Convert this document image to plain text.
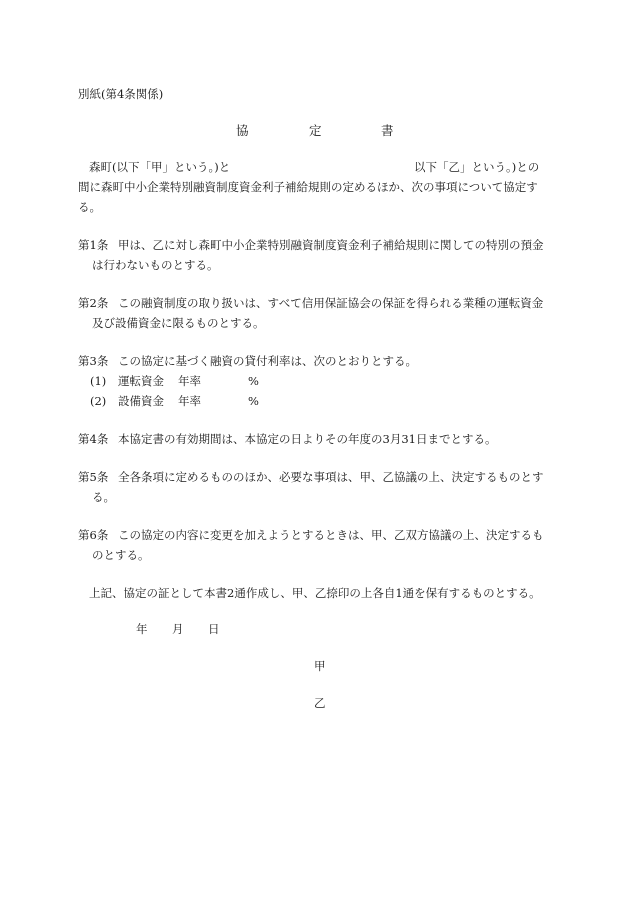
別紙(第4条関係)
協	定	書
森町(以下「甲」という。)と	以下「乙」という。)との
間に森町中小企業特別融資制度資金利子補給規則の定めるほか、次の事項について協定す
る。
第1条 甲は、乙に対し森町中小企業特別融資制度資金利子補給規則に関しての特別の預金
は行わないものとする。
第2条 この融資制度の取り扱いは、すべて信用保証協会の保証を得られる業種の運転資金
及び設備資金に限るものとする。
第3条 この協定に基づく融資の貸付利率は、次のとおりとする。
(1) 運転資金 年率	%
(2) 設備資金 年率	%
第4条 本協定書の有効期間は、本協定の日よりその年度の3月31日までとする。
第5条 全各条項に定めるもののほか、必要な事項は、甲、乙協議の上、決定するものとす
る。
第6条 この協定の内容に変更を加えようとするときは、甲、乙双方協議の上、決定するも
のとする。
上記、協定の証として本書2通作成し、甲、乙捺印の上各自1通を保有するものとする。
年 月 日
甲
乙
